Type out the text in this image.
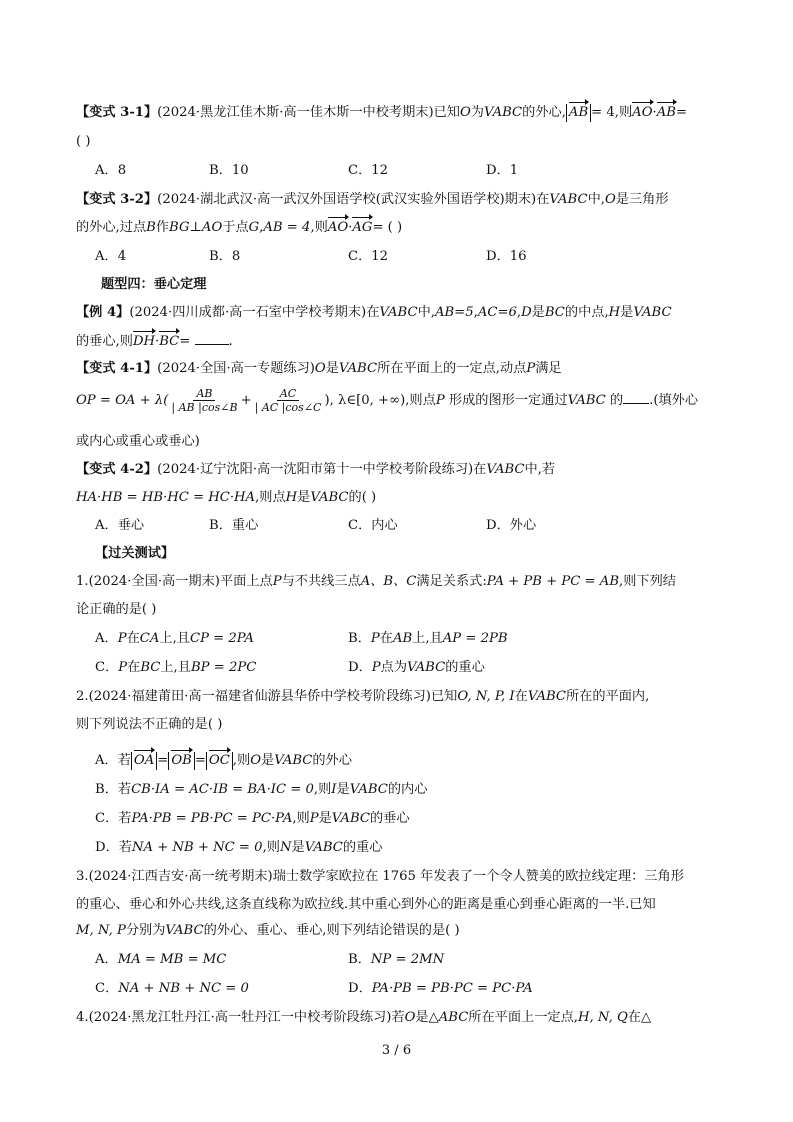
【变式 3-1】(2024·黑龙江佳木斯·高一佳木斯一中校考期末)已知O为VABC的外心, AB = 4,则AO·AB=
( )
A．8	B．10	C．12	D．1
【变式 3-2】(2024·湖北武汉·高一武汉外国语学校(武汉实验外国语学校)期末)在VABC中,O是三角形
的外心,过点B作BG⊥AO于点G,AB = 4,则AO·AG= ( )
A．4	B．8	C．12	D．16
题型四：垂心定理
【例 4】(2024·四川成都·高一石室中学校考期末)在VABC中,AB=5,AC=6,D是BC的中点,H是VABC
的垂心,则DH·BC=	.
【变式 4-1】(2024·全国·高一专题练习)O是VABC所在平面上的一定点,动点P满足
OP = OA + $\lambda( \frac{AB}{| AB |\cos\angle B} + \frac{AC}{| AC |\cos\angle C}$ ), λ∈[0, +∞),则点P 形成的图形一定通过VABC 的 .(填外心
或内心或重心或垂心)
【变式 4-2】(2024·辽宁沈阳·高一沈阳市第十一中学校考阶段练习)在VABC中,若
HA·HB = HB·HC = HC·HA,则点H是VABC的( )
A．垂心	B．重心	C．内心	D．外心
【过关测试】
1.(2024·全国·高一期末)平面上点P与不共线三点A、B、C满足关系式:PA + PB + PC = AB,则下列结
论正确的是( )
A．P在CA上,且CP = 2PA	B．P在AB上,且AP = 2PB
C．P在BC上,且BP = 2PC	D．P点为VABC的重心
2.(2024·福建莆田·高一福建省仙游县华侨中学校考阶段练习)已知O, N, P, I在VABC所在的平面内,
则下列说法不正确的是( )
A．若 OA = OB = OC ,则O是VABC的外心
B．若CB·IA = AC·IB = BA·IC = 0,则I是VABC的内心
C．若PA·PB = PB·PC = PC·PA,则P是VABC的垂心
D．若NA + NB + NC = 0,则N是VABC的重心
3.(2024·江西吉安·高一统考期末)瑞士数学家欧拉在 1765 年发表了一个令人赞美的欧拉线定理：三角形
的重心、垂心和外心共线,这条直线称为欧拉线.其中重心到外心的距离是重心到垂心距离的一半.已知
M, N, P分别为VABC的外心、重心、垂心,则下列结论错误的是( )
A．MA = MB = MC	B．NP = 2MN
C．NA + NB + NC = 0	D．PA·PB = PB·PC = PC·PA
4.(2024·黑龙江牡丹江·高一牡丹江一中校考阶段练习)若O是△ABC所在平面上一定点,H, N, Q在△
3 / 6
